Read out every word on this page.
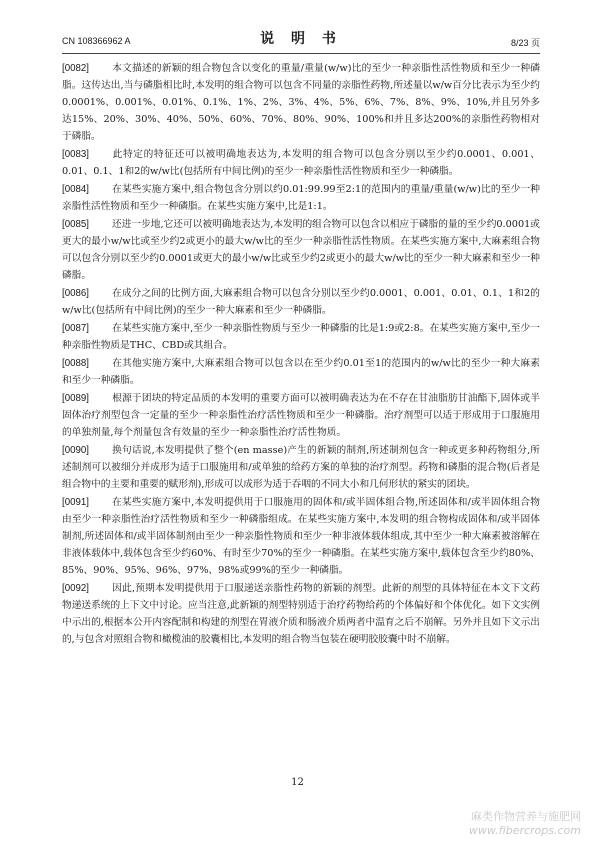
CN 108366962 A	说 明 书	8/23 页

[0082] 本文描述的新颖的组合物包含以变化的重量/重量(w/w)比的至少一种亲脂性活性物质和至少一种磷脂。这传达出,当与磷脂相比时,本发明的组合物可以包含不同量的亲脂性药物,所述量以w/w百分比表示为至少约0.0001%、0.001%、0.01%、0.1%、1%、2%、3%、4%、5%、6%、7%、8%、9%、10%,并且另外多达15%、20%、30%、40%、50%、60%、70%、80%、90%、100%和并且多达200%的亲脂性药物相对于磷脂。

[0083] 此特定的特征还可以被明确地表达为,本发明的组合物可以包含分别以至少约0.0001、0.001、0.01、0.1、1和2的w/w比(包括所有中间比例)的至少一种亲脂性活性物质和至少一种磷脂。

[0084] 在某些实施方案中,组合物包含分别以约0.01:99.99至2:1的范围内的重量/重量(w/w)比的至少一种亲脂性活性物质和至少一种磷脂。在某些实施方案中,比是1:1。

[0085] 还进一步地,它还可以被明确地表达为,本发明的组合物可以包含以相应于磷脂的量的至少约0.0001或更大的最小w/w比或至少约2或更小的最大w/w比的至少一种亲脂性活性物质。在某些实施方案中,大麻素组合物可以包含分别以至少约0.0001或更大的最小w/w比或至少约2或更小的最大w/w比的至少一种大麻素和至少一种磷脂。

[0086] 在成分之间的比例方面,大麻素组合物可以包含分别以至少约0.0001、0.001、0.01、0.1、1和2的w/w比(包括所有中间比例)的至少一种大麻素和至少一种磷脂。

[0087] 在某些实施方案中,至少一种亲脂性物质与至少一种磷脂的比是1:9或2:8。在某些实施方案中,至少一种亲脂性物质是THC、CBD或其组合。

[0088] 在其他实施方案中,大麻素组合物可以包含以在至少约0.01至1的范围内的w/w比的至少一种大麻素和至少一种磷脂。

[0089] 根源于团块的特定品质的本发明的重要方面可以被明确表达为在不存在甘油脂肪甘油酯下,固体或半固体治疗剂型包含一定量的至少一种亲脂性治疗活性物质和至少一种磷脂。治疗剂型可以适于形成用于口服施用的单独剂量,每个剂量包含有效量的至少一种亲脂性治疗活性物质。

[0090] 换句话说,本发明提供了整个(en masse)产生的新颖的制剂,所述制剂包含一种或更多种药物组分,所述制剂可以被细分并成形为适于口服施用和/或单独的给药方案的单独的治疗剂型。药物和磷脂的混合物(后者是组合物中的主要和重要的赋形剂),形成可以成形为适于吞咽的不同大小和几何形状的紧实的团块。

[0091] 在某些实施方案中,本发明提供用于口服施用的固体和/或半固体组合物,所述固体和/或半固体组合物由至少一种亲脂性治疗活性物质和至少一种磷脂组成。在某些实施方案中,本发明的组合物构成固体和/或半固体制剂,所述固体和/或半固体制剂由至少一种亲脂性物质和至少一种非液体载体组成,其中至少一种大麻素被溶解在非液体载体中,载体包含至少约60%、有时至少70%的至少一种磷脂。在某些实施方案中,载体包含至少约80%、85%、90%、95%、96%、97%、98%或99%的至少一种磷脂。

[0092] 因此,预期本发明提供用于口服递送亲脂性药物的新颖的剂型。此新的剂型的具体特征在本文下文药物递送系统的上下文中讨论。应当注意,此新颖的剂型特别适于治疗药物给药的个体偏好和个体优化。如下文实例中示出的,根据本公开内容配制和构建的剂型在胃液介质和肠液介质两者中温育之后不崩解。另外并且如下文示出的,与包含对照组合物和橄榄油的胶囊相比,本发明的组合物当包装在硬明胶胶囊中时不崩解。

12
麻类作物营养与施肥网
www.fibercrops.com
